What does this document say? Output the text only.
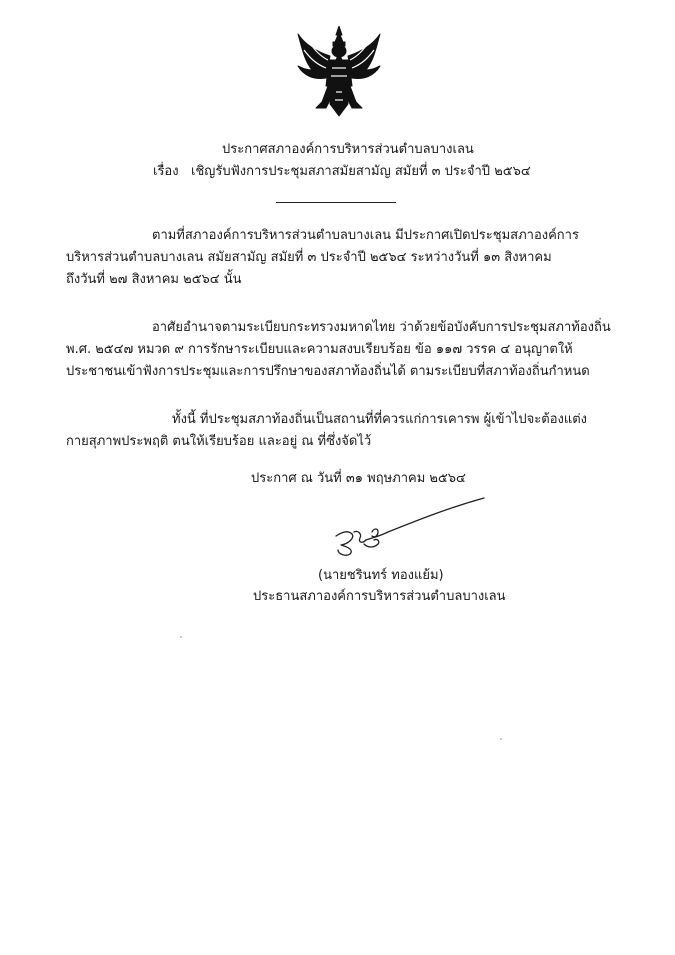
ประกาศสภาองค์การบริหารส่วนตำบลบางเลน
เรื่อง เชิญรับฟังการประชุมสภาสมัยสามัญ สมัยที่ ๓ ประจำปี ๒๕๖๔
ตามที่สภาองค์การบริหารส่วนตำบลบางเลน มีประกาศเปิดประชุมสภาองค์การ
บริหารส่วนตำบลบางเลน สมัยสามัญ สมัยที่ ๓ ประจำปี ๒๕๖๔ ระหว่างวันที่ ๑๓ สิงหาคม
ถึงวันที่ ๒๗ สิงหาคม ๒๕๖๔ นั้น
อาศัยอำนาจตามระเบียบกระทรวงมหาดไทย ว่าด้วยข้อบังคับการประชุมสภาท้องถิ่น
พ.ศ. ๒๕๔๗ หมวด ๙ การรักษาระเบียบและความสงบเรียบร้อย ข้อ ๑๑๗ วรรค ๔ อนุญาตให้
ประชาชนเข้าฟังการประชุมและการปรึกษาของสภาท้องถิ่นได้ ตามระเบียบที่สภาท้องถิ่นกำหนด
ทั้งนี้ ที่ประชุมสภาท้องถิ่นเป็นสถานที่ที่ควรแก่การเคารพ ผู้เข้าไปจะต้องแต่ง
กายสุภาพประพฤติ ตนให้เรียบร้อย และอยู่ ณ ที่ซึ่งจัดไว้
ประกาศ ณ วันที่ ๓๑ พฤษภาคม ๒๕๖๔
(นายชรินทร์ ทองแย้ม)
ประธานสภาองค์การบริหารส่วนตำบลบางเลน
